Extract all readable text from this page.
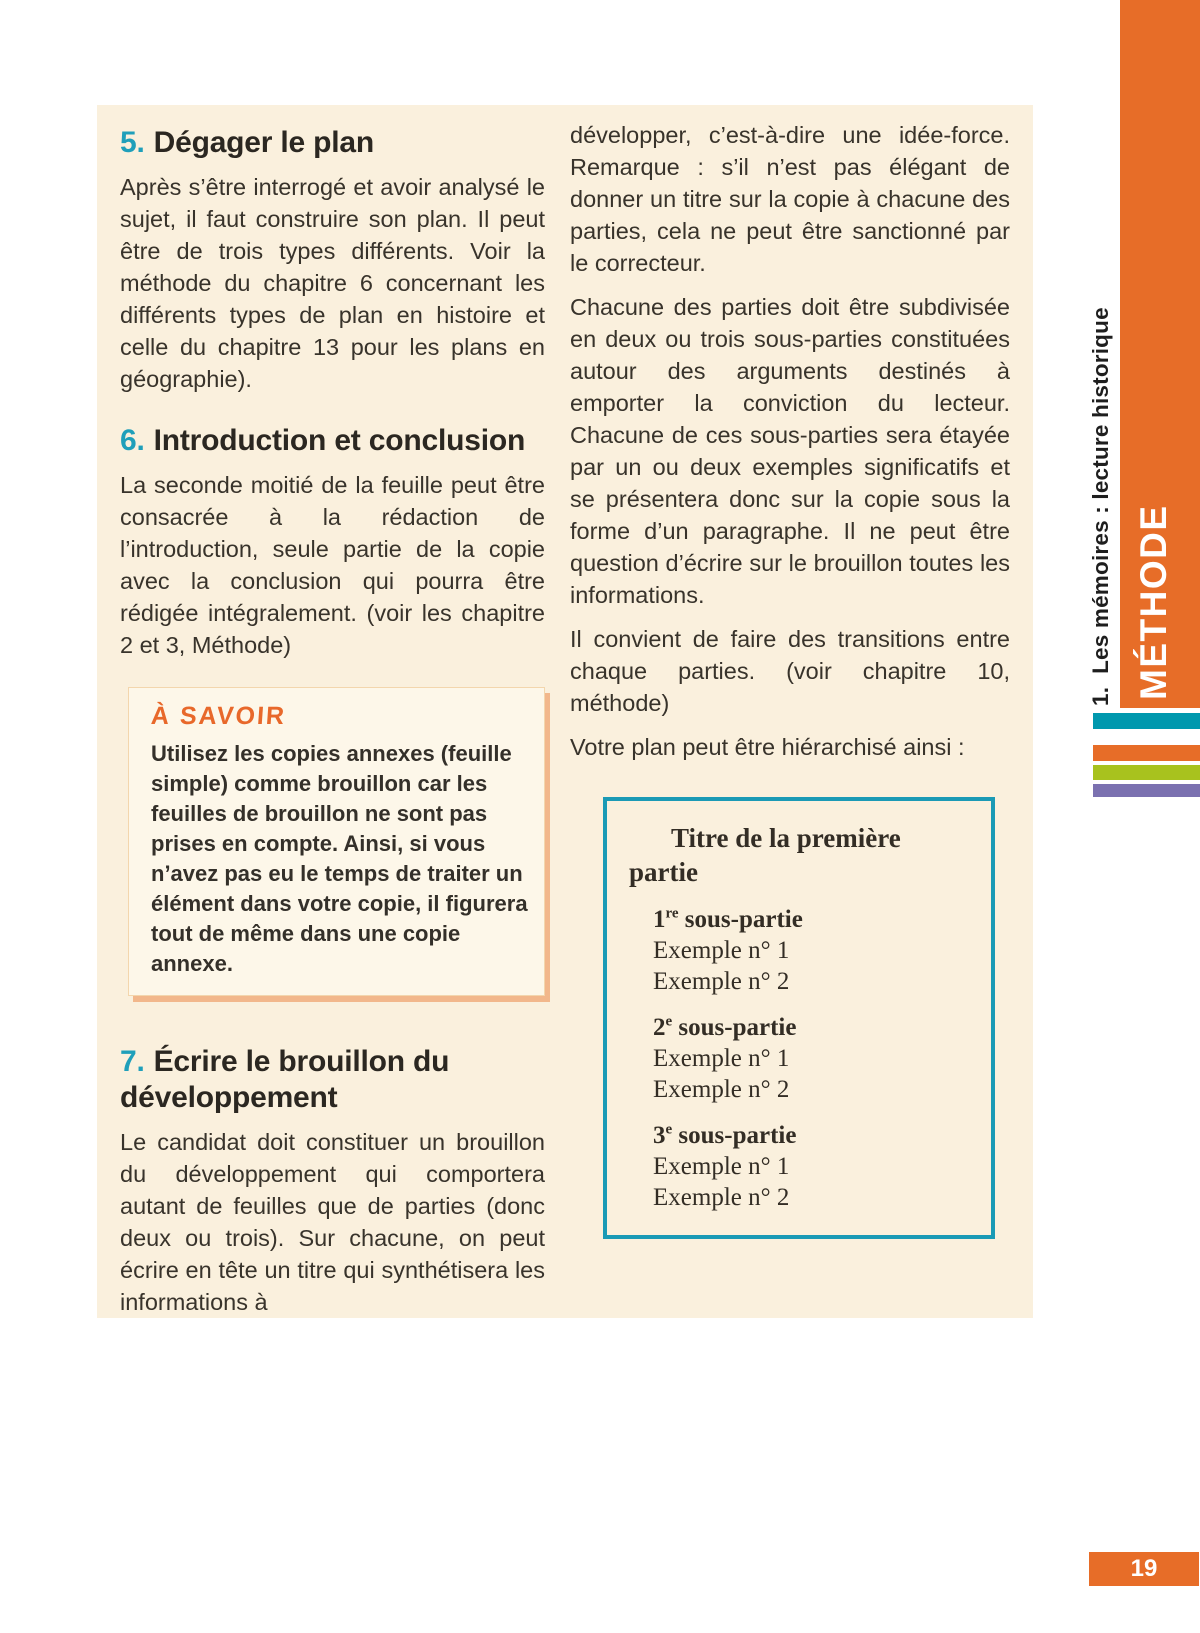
5. Dégager le plan

Après s’être interrogé et avoir analysé le sujet, il faut construire son plan. Il peut être de trois types différents. Voir la méthode du chapitre 6 concernant les différents types de plan en histoire et celle du chapitre 13 pour les plans en géographie).

6. Introduction et conclusion

La seconde moitié de la feuille peut être consacrée à la rédaction de l’introduction, seule partie de la copie avec la conclusion qui pourra être rédigée intégralement. (voir les chapitre 2 et 3, Méthode)

À SAVOIR

Utilisez les copies annexes (feuille simple) comme brouillon car les feuilles de brouillon ne sont pas prises en compte. Ainsi, si vous n’avez pas eu le temps de traiter un élément dans votre copie, il figurera tout de même dans une copie annexe.

7. Écrire le brouillon du développement

Le candidat doit constituer un brouillon du développement qui comportera autant de feuilles que de parties (donc deux ou trois). Sur chacune, on peut écrire en tête un titre qui synthétisera les informations à

développer, c’est-à-dire une idée-force. Remarque : s’il n’est pas élégant de donner un titre sur la copie à chacune des parties, cela ne peut être sanctionné par le correcteur.

Chacune des parties doit être subdivisée en deux ou trois sous-parties constituées autour des arguments destinés à emporter la conviction du lecteur. Chacune de ces sous-parties sera étayée par un ou deux exemples significatifs et se présentera donc sur la copie sous la forme d’un paragraphe. Il ne peut être question d’écrire sur le brouillon toutes les informations.

Il convient de faire des transitions entre chaque parties. (voir chapitre 10, méthode)

Votre plan peut être hiérarchisé ainsi :

Titre de la première partie
1re sous-partie
Exemple n° 1
Exemple n° 2
2e sous-partie
Exemple n° 1
Exemple n° 2
3e sous-partie
Exemple n° 1
Exemple n° 2
1.  Les mémoires : lecture historique MÉTHODE
19
